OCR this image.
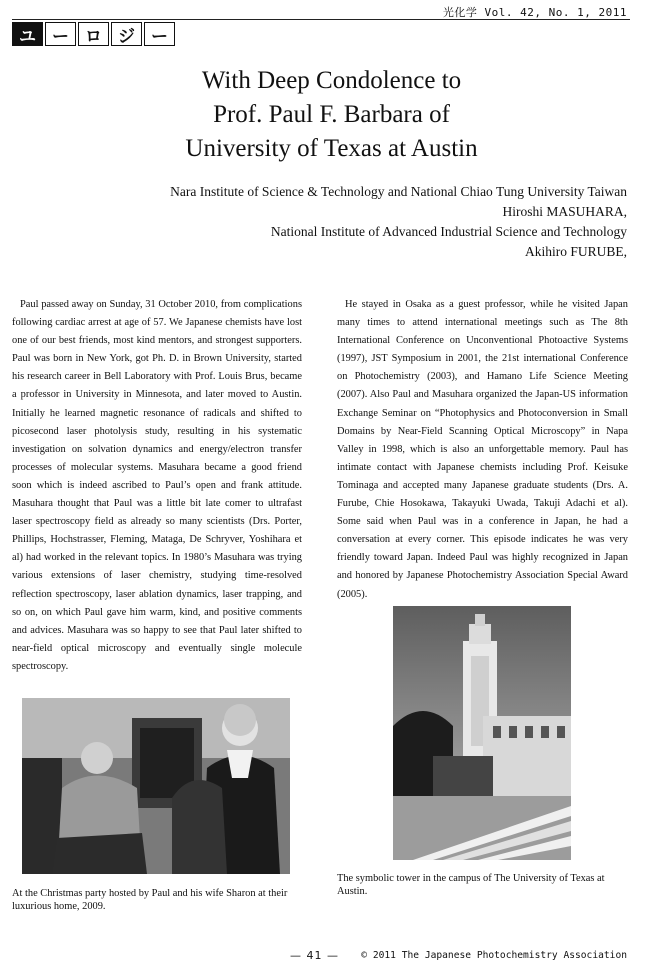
光化学 Vol. 42, No. 1, 2011
ユ ー ロ ジ ー
With Deep Condolence to
Prof. Paul F. Barbara of
University of Texas at Austin
Nara Institute of Science & Technology and National Chiao Tung University Taiwan
Hiroshi MASUHARA,
National Institute of Advanced Industrial Science and Technology
Akihiro FURUBE,

Paul passed away on Sunday, 31 October 2010, from complications following cardiac arrest at age of 57. We Japanese chemists have lost one of our best friends, most kind mentors, and strongest supporters. Paul was born in New York, got Ph. D. in Brown University, started his research career in Bell Laboratory with Prof. Louis Brus, became a professor in University in Minnesota, and later moved to Austin. Initially he learned magnetic resonance of radicals and shifted to picosecond laser photolysis study, resulting in his systematic investigation on solvation dynamics and energy/electron transfer processes of molecular systems. Masuhara became a good friend soon which is indeed ascribed to Paul’s open and frank attitude. Masuhara thought that Paul was a little bit late comer to ultrafast laser spectroscopy field as already so many scientists (Drs. Porter, Phillips, Hochstrasser, Fleming, Mataga, De Schryver, Yoshihara et al) had worked in the relevant topics. In 1980’s Masuhara was trying various extensions of laser chemistry, studying time-resolved reflection spectroscopy, laser ablation dynamics, laser trapping, and so on, on which Paul gave him warm, kind, and positive comments and advices. Masuhara was so happy to see that Paul later shifted to near-field optical microscopy and eventually single molecule spectroscopy.

He stayed in Osaka as a guest professor, while he visited Japan many times to attend international meetings such as The 8th International Conference on Unconventional Photoactive Systems (1997), JST Symposium in 2001, the 21st international Conference on Photochemistry (2003), and Hamano Life Science Meeting (2007). Also Paul and Masuhara organized the Japan-US information Exchange Seminar on “Photophysics and Photoconversion in Small Domains by Near-Field Scanning Optical Microscopy” in Napa Valley in 1998, which is also an unforgettable memory. Paul has intimate contact with Japanese chemists including Prof. Keisuke Tominaga and accepted many Japanese graduate students (Drs. A. Furube, Chie Hosokawa, Takayuki Uwada, Takuji Adachi et al). Some said when Paul was in a conference in Japan, he had a conversation at every corner. This episode indicates he was very friendly toward Japan. Indeed Paul was highly recognized in Japan and honored by Japanese Photochemistry Association Special Award (2005).

At the Christmas party hosted by Paul and his wife Sharon at their luxurious home, 2009.
The symbolic tower in the campus of The University of Texas at Austin.
— 41 — © 2011 The Japanese Photochemistry Association
